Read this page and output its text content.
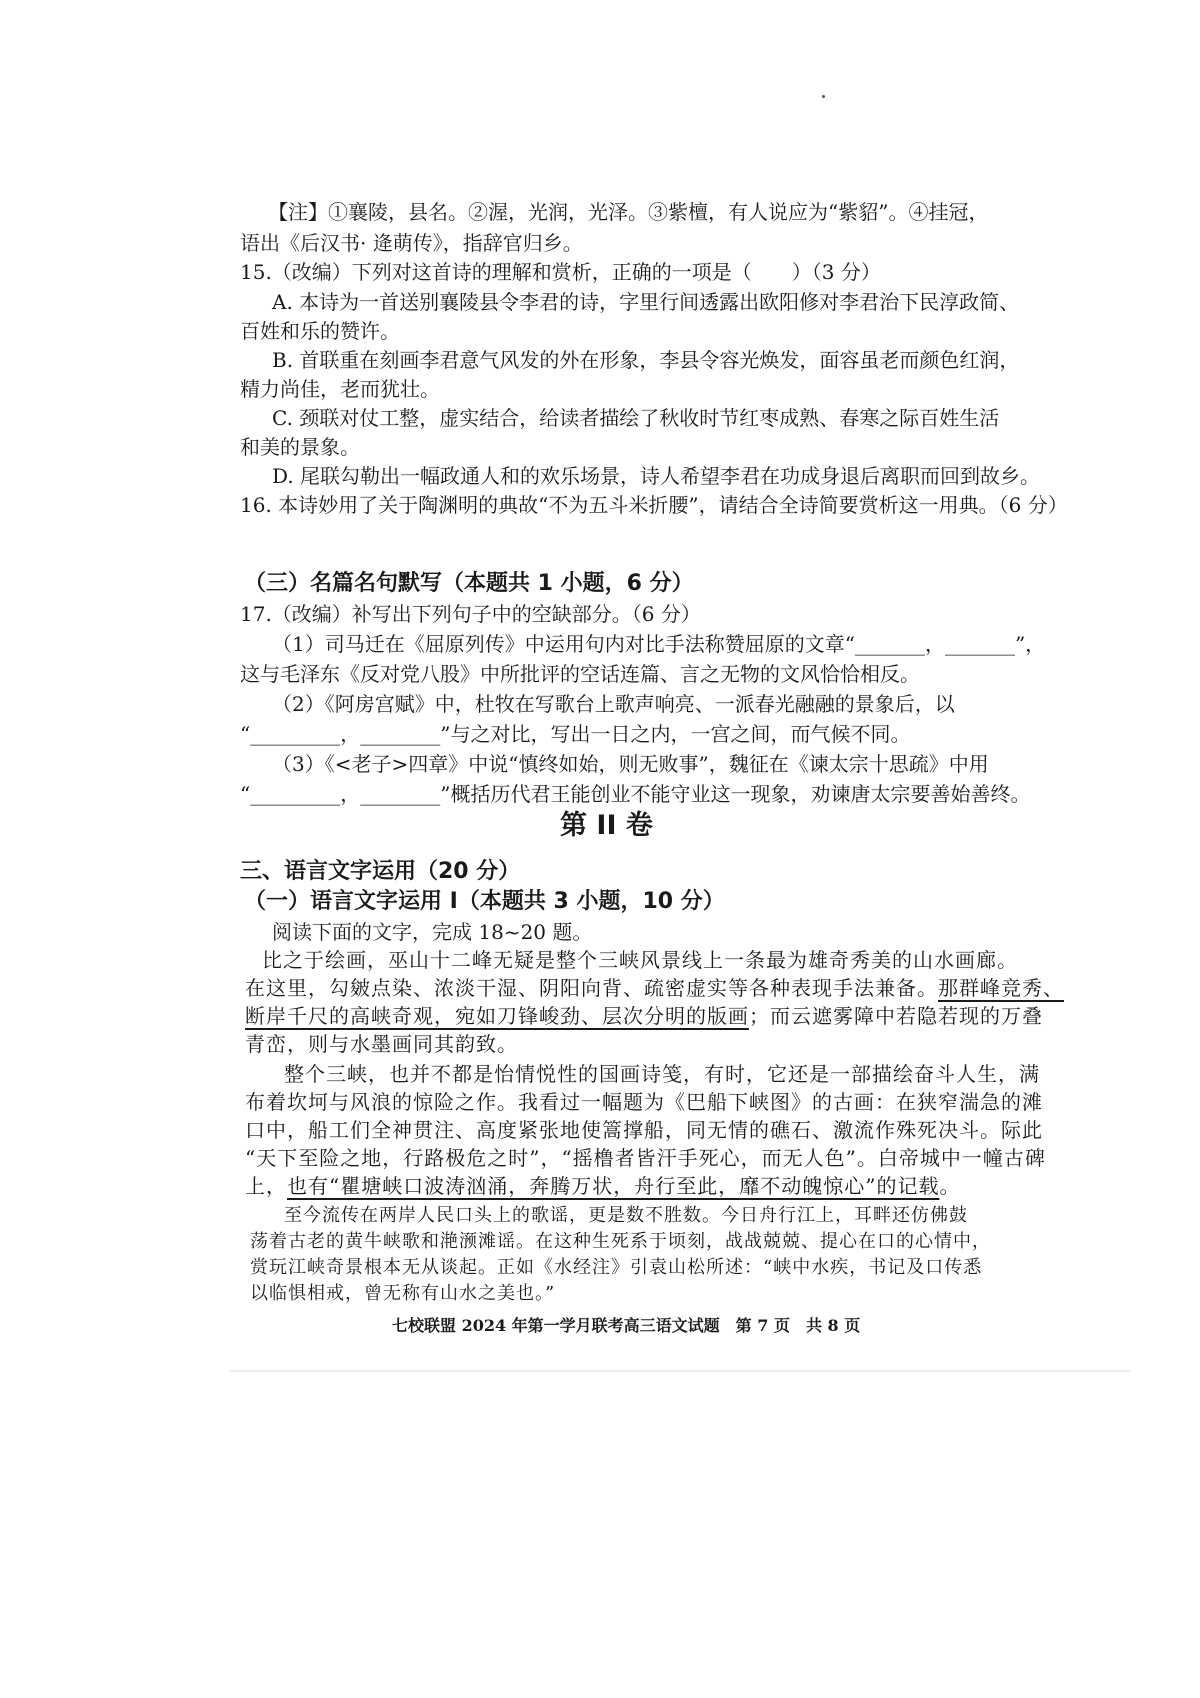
【注】①襄陵，县名。②渥，光润，光泽。③紫檀，有人说应为“紫貂”。④挂冠，
语出《后汉书· 逄萌传》，指辞官归乡。
15.（改编）下列对这首诗的理解和赏析，正确的一项是（　　）（3 分）
A. 本诗为一首送别襄陵县令李君的诗，字里行间透露出欧阳修对李君治下民淳政简、
百姓和乐的赞许。
B. 首联重在刻画李君意气风发的外在形象，李县令容光焕发，面容虽老而颜色红润，
精力尚佳，老而犹壮。
C. 颈联对仗工整，虚实结合，给读者描绘了秋收时节红枣成熟、春寒之际百姓生活
和美的景象。
D. 尾联勾勒出一幅政通人和的欢乐场景，诗人希望李君在功成身退后离职而回到故乡。
16. 本诗妙用了关于陶渊明的典故“不为五斗米折腰”，请结合全诗简要赏析这一用典。（6 分）
（三）名篇名句默写（本题共 1 小题，6 分）
17.（改编）补写出下列句子中的空缺部分。（6 分）
（1）司马迁在《屈原列传》中运用句内对比手法称赞屈原的文章“_______，_______”，
这与毛泽东《反对党八股》中所批评的空话连篇、言之无物的文风恰恰相反。
（2）《阿房宫赋》中，杜牧在写歌台上歌声响亮、一派春光融融的景象后，以
“_________，________”与之对比，写出一日之内，一宫之间，而气候不同。
（3）《<老子>四章》中说“慎终如始，则无败事”，魏征在《谏太宗十思疏》中用
“_________，________”概括历代君王能创业不能守业这一现象，劝谏唐太宗要善始善终。
第 II 卷
三、语言文字运用（20 分）
（一）语言文字运用 I（本题共 3 小题，10 分）
阅读下面的文字，完成 18~20 题。
比之于绘画，巫山十二峰无疑是整个三峡风景线上一条最为雄奇秀美的山水画廊。
在这里，勾皴点染、浓淡干湿、阴阳向背、疏密虚实等各种表现手法兼备。那群峰竞秀、
断岸千尺的高峡奇观，宛如刀锋峻劲、层次分明的版画；而云遮雾障中若隐若现的万叠
青峦，则与水墨画同其韵致。
整个三峡，也并不都是怡情悦性的国画诗笺，有时，它还是一部描绘奋斗人生，满
布着坎坷与风浪的惊险之作。我看过一幅题为《巴船下峡图》的古画：在狭窄湍急的滩
口中，船工们全神贯注、高度紧张地使篙撑船，同无情的礁石、激流作殊死决斗。际此
“天下至险之地，行路极危之时”，“摇橹者皆汗手死心，而无人色”。白帝城中一幢古碑
上，也有“瞿塘峡口波涛汹涌，奔腾万状，舟行至此，靡不动魄惊心”的记载。
至今流传在两岸人民口头上的歌谣，更是数不胜数。今日舟行江上，耳畔还仿佛鼓
荡着古老的黄牛峡歌和滟滪滩谣。在这种生死系于顷刻，战战兢兢、提心在口的心情中，
赏玩江峡奇景根本无从谈起。正如《水经注》引袁山松所述：“峡中水疾，书记及口传悉
以临惧相戒，曾无称有山水之美也。”
七校联盟 2024 年第一学月联考高三语文试题　第 7 页　共 8 页
